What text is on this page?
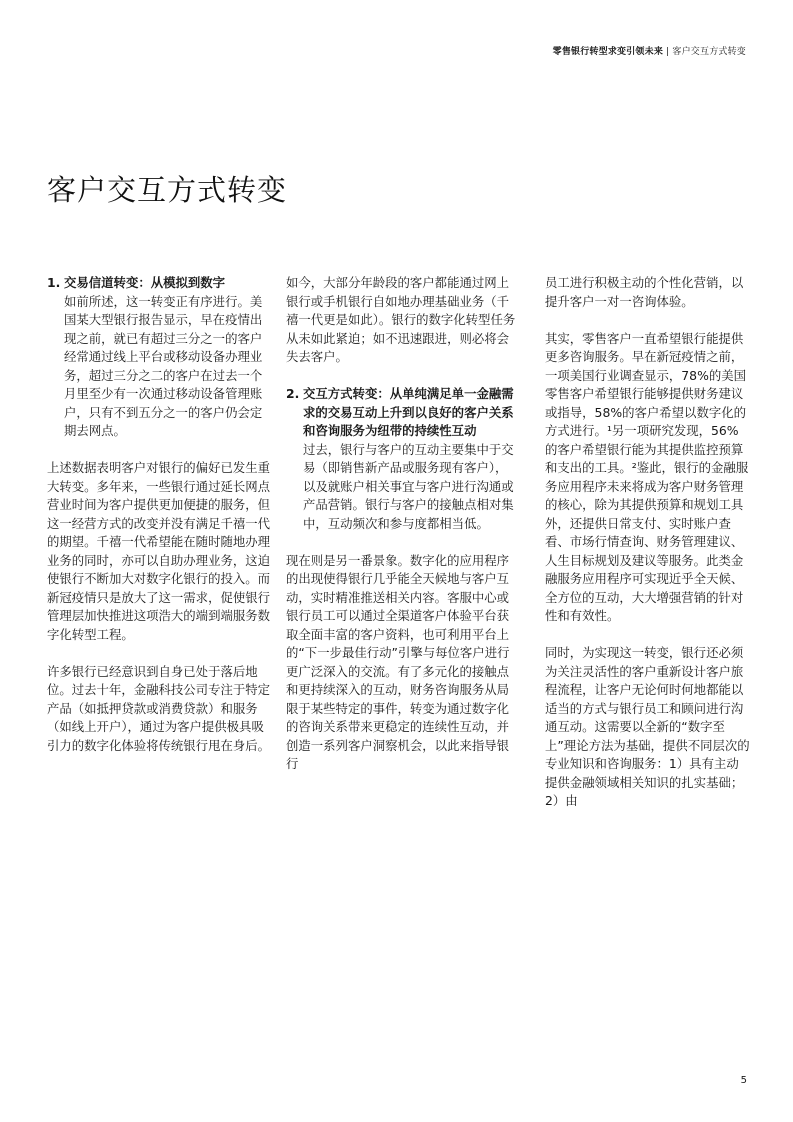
零售银行转型求变引领未来 | 客户交互方式转变
客户交互方式转变
1. 交易信道转变：从模拟到数字

如前所述，这一转变正有序进行。美国某大型银行报告显示，早在疫情出现之前，就已有超过三分之一的客户经常通过线上平台或移动设备办理业务，超过三分之二的客户在过去一个月里至少有一次通过移动设备管理账户，只有不到五分之一的客户仍会定期去网点。

上述数据表明客户对银行的偏好已发生重大转变。多年来，一些银行通过延长网点营业时间为客户提供更加便捷的服务，但这一经营方式的改变并没有满足千禧一代的期望。千禧一代希望能在随时随地办理业务的同时，亦可以自助办理业务，这迫使银行不断加大对数字化银行的投入。而新冠疫情只是放大了这一需求，促使银行管理层加快推进这项浩大的端到端服务数字化转型工程。

许多银行已经意识到自身已处于落后地位。过去十年，金融科技公司专注于特定产品（如抵押贷款或消费贷款）和服务（如线上开户），通过为客户提供极具吸引力的数字化体验将传统银行甩在身后。

如今，大部分年龄段的客户都能通过网上银行或手机银行自如地办理基础业务（千禧一代更是如此）。银行的数字化转型任务从未如此紧迫；如不迅速跟进，则必将会失去客户。

2. 交互方式转变：从单纯满足单一金融需求的交易互动上升到以良好的客户关系和咨询服务为纽带的持续性互动

过去，银行与客户的互动主要集中于交易（即销售新产品或服务现有客户），以及就账户相关事宜与客户进行沟通或产品营销。银行与客户的接触点相对集中，互动频次和参与度都相当低。

现在则是另一番景象。数字化的应用程序的出现使得银行几乎能全天候地与客户互动，实时精准推送相关内容。客服中心或银行员工可以通过全渠道客户体验平台获取全面丰富的客户资料，也可利用平台上的“下一步最佳行动”引擎与每位客户进行更广泛深入的交流。有了多元化的接触点和更持续深入的互动，财务咨询服务从局限于某些特定的事件，转变为通过数字化的咨询关系带来更稳定的连续性互动，并创造一系列客户洞察机会，以此来指导银行

员工进行积极主动的个性化营销，以提升客户一对一咨询体验。

其实，零售客户一直希望银行能提供更多咨询服务。早在新冠疫情之前，一项美国行业调查显示，78%的美国零售客户希望银行能够提供财务建议或指导，58%的客户希望以数字化的方式进行。¹另一项研究发现，56%的客户希望银行能为其提供监控预算和支出的工具。²鉴此，银行的金融服务应用程序未来将成为客户财务管理的核心，除为其提供预算和规划工具外，还提供日常支付、实时账户查看、市场行情查询、财务管理建议、人生目标规划及建议等服务。此类金融服务应用程序可实现近乎全天候、全方位的互动，大大增强营销的针对性和有效性。

同时，为实现这一转变，银行还必须为关注灵活性的客户重新设计客户旅程流程，让客户无论何时何地都能以适当的方式与银行员工和顾问进行沟通互动。这需要以全新的“数字至上”理论方法为基础，提供不同层次的专业知识和咨询服务：1）具有主动提供金融领域相关知识的扎实基础；2）由

5
